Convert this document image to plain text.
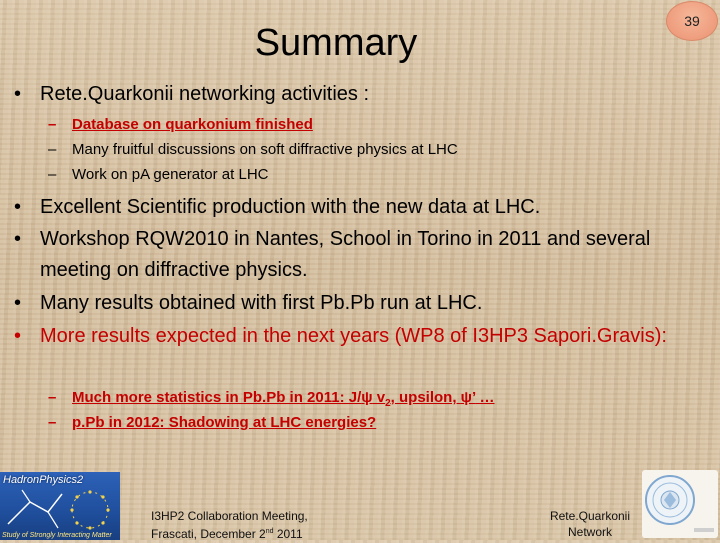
39
Summary
• Rete.Quarkonii networking activities :
–	Database on quarkonium finished
–	Many fruitful discussions on soft diffractive physics at LHC
–	Work on pA generator at LHC
• Excellent Scientific production with the new data at LHC.
• Workshop RQW2010 in Nantes, School in Torino in 2011 and several meeting on diffractive physics.
• Many results obtained with first Pb.Pb run at LHC.
• More results expected in the next years (WP8 of I3HP3 Sapori.Gravis):
–	Much more statistics in Pb.Pb in 2011: J/ψ $v_2$, upsilon, ψ’ …
–	p.Pb in 2012: Shadowing at LHC energies?
HadronPhysics2
Study of Strongly Interacting Matter
I3HP2 Collaboration Meeting,
Frascati, December 2nd 2011
Rete.Quarkonii
Network
